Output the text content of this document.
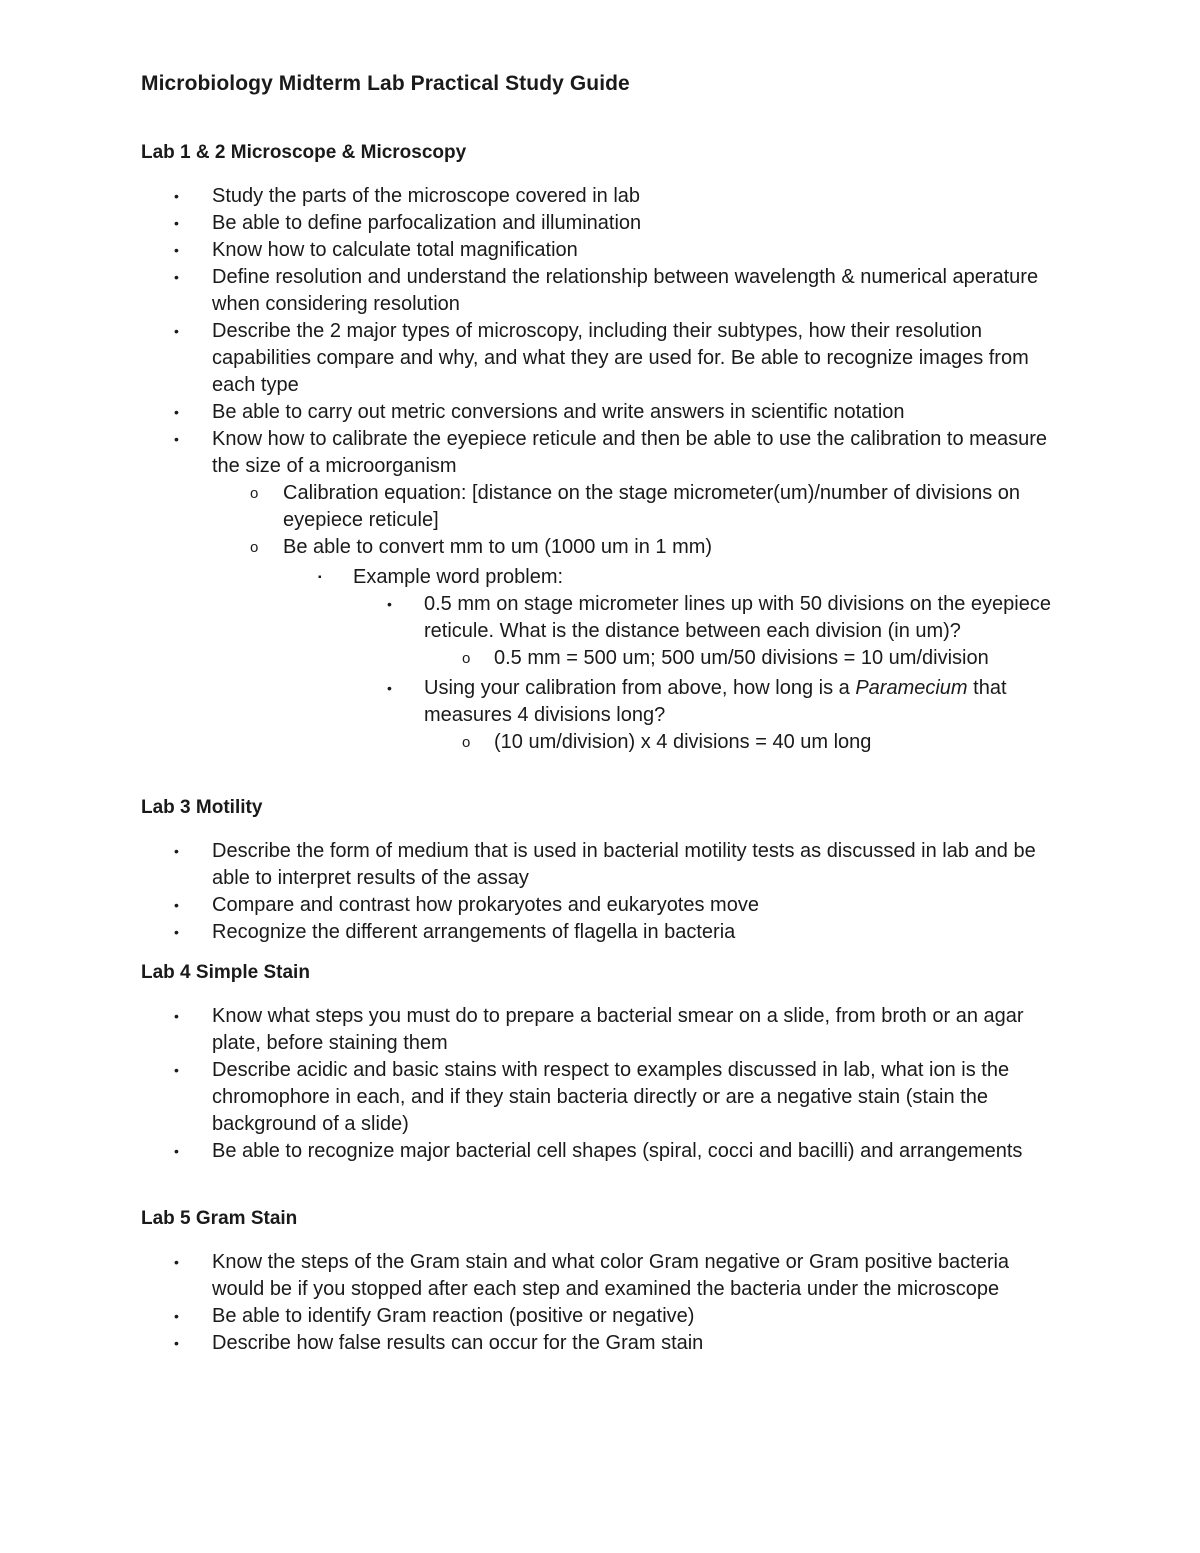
Microbiology Midterm Lab Practical Study Guide
Lab 1 & 2 Microscope & Microscopy
• Study the parts of the microscope covered in lab
• Be able to define parfocalization and illumination
• Know how to calculate total magnification
• Define resolution and understand the relationship between wavelength & numerical aperature when considering resolution
• Describe the 2 major types of microscopy, including their subtypes, how their resolution capabilities compare and why, and what they are used for. Be able to recognize images from each type
• Be able to carry out metric conversions and write answers in scientific notation
• Know how to calibrate the eyepiece reticule and then be able to use the calibration to measure the size of a microorganism
o Calibration equation: [distance on the stage micrometer(um)/number of divisions on eyepiece reticule]
o Be able to convert mm to um (1000 um in 1 mm)
▪ Example word problem:
• 0.5 mm on stage micrometer lines up with 50 divisions on the eyepiece reticule. What is the distance between each division (in um)?
o 0.5 mm = 500 um; 500 um/50 divisions = 10 um/division
• Using your calibration from above, how long is a Paramecium that measures 4 divisions long?
o (10 um/division) x 4 divisions = 40 um long
Lab 3 Motility
• Describe the form of medium that is used in bacterial motility tests as discussed in lab and be able to interpret results of the assay
• Compare and contrast how prokaryotes and eukaryotes move
• Recognize the different arrangements of flagella in bacteria
Lab 4 Simple Stain
• Know what steps you must do to prepare a bacterial smear on a slide, from broth or an agar plate, before staining them
• Describe acidic and basic stains with respect to examples discussed in lab, what ion is the chromophore in each, and if they stain bacteria directly or are a negative stain (stain the background of a slide)
• Be able to recognize major bacterial cell shapes (spiral, cocci and bacilli) and arrangements
Lab 5 Gram Stain
• Know the steps of the Gram stain and what color Gram negative or Gram positive bacteria would be if you stopped after each step and examined the bacteria under the microscope
• Be able to identify Gram reaction (positive or negative)
• Describe how false results can occur for the Gram stain
